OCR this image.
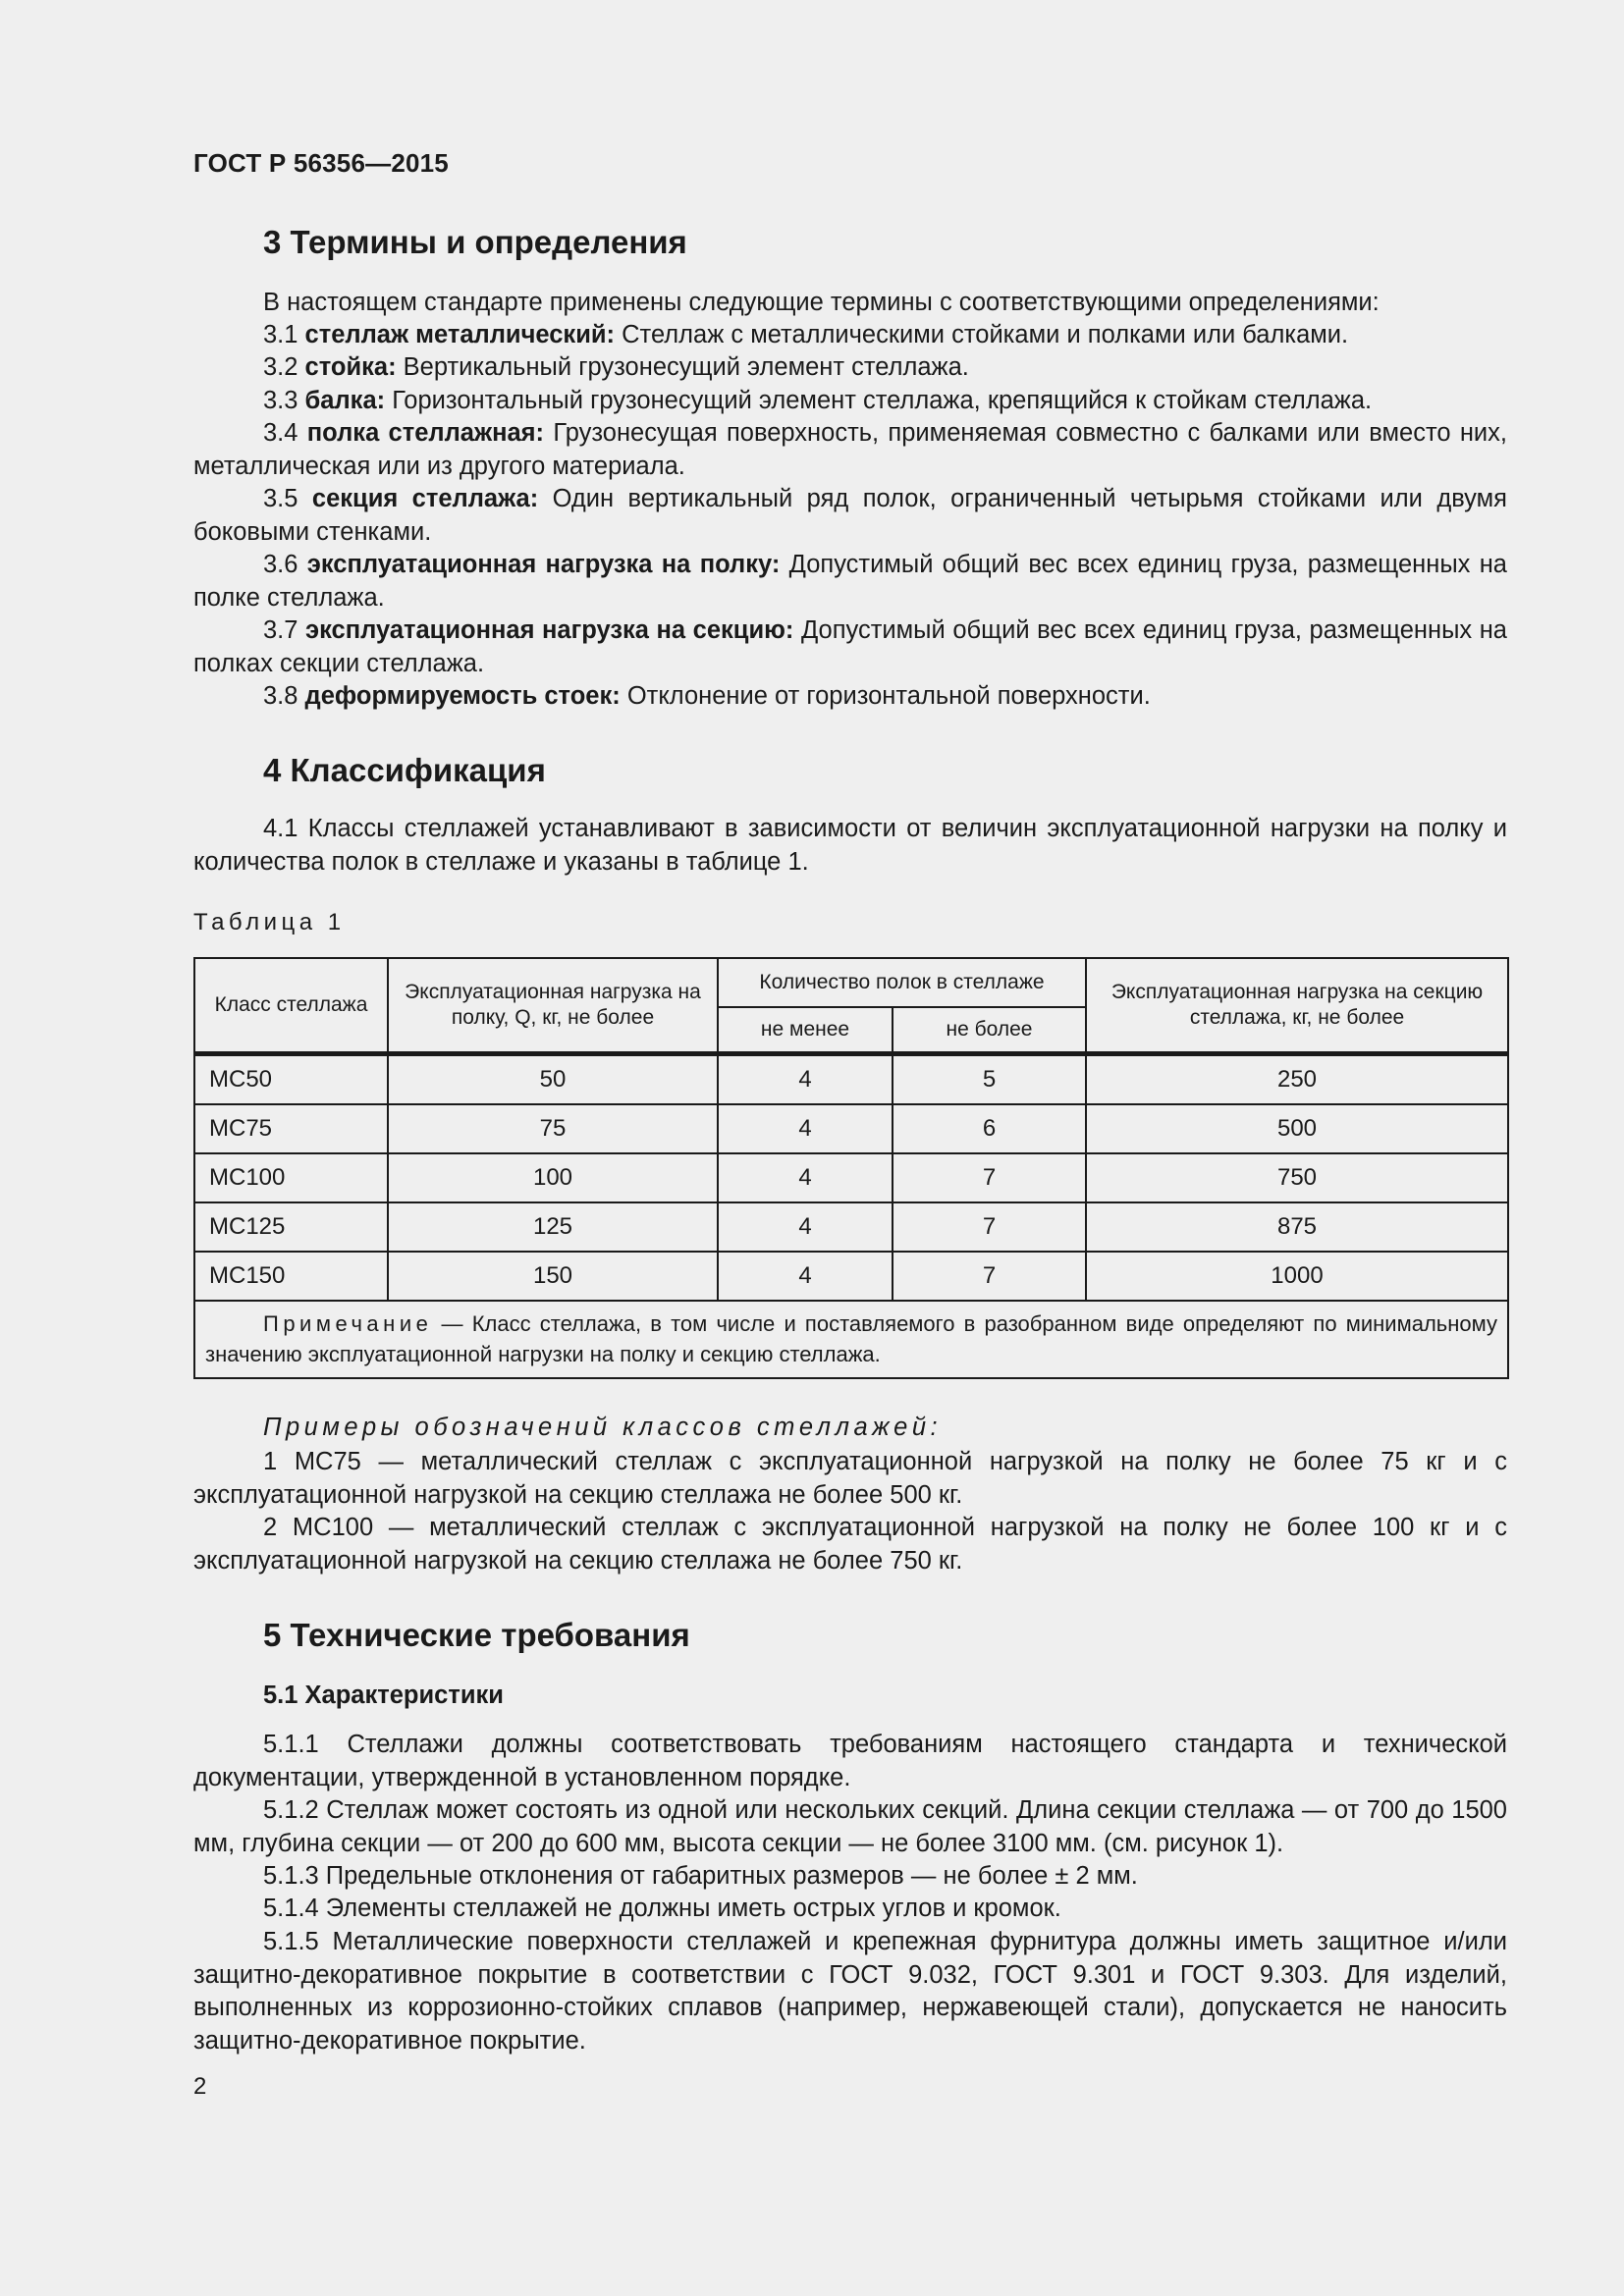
ГОСТ Р 56356—2015
3 Термины и определения
В настоящем стандарте применены следующие термины с соответствующими определениями:
3.1 стеллаж металлический: Стеллаж с металлическими стойками и полками или балками.
3.2 стойка: Вертикальный грузонесущий элемент стеллажа.
3.3 балка: Горизонтальный грузонесущий элемент стеллажа, крепящийся к стойкам стеллажа.
3.4 полка стеллажная: Грузонесущая поверхность, применяемая совместно с балками или вместо них, металлическая или из другого материала.
3.5 секция стеллажа: Один вертикальный ряд полок, ограниченный четырьмя стойками или двумя боковыми стенками.
3.6 эксплуатационная нагрузка на полку: Допустимый общий вес всех единиц груза, размещенных на полке стеллажа.
3.7 эксплуатационная нагрузка на секцию: Допустимый общий вес всех единиц груза, размещенных на полках секции стеллажа.
3.8 деформируемость стоек: Отклонение от горизонтальной поверхности.
4 Классификация
4.1 Классы стеллажей устанавливают в зависимости от величин эксплуатационной нагрузки на полку и количества полок в стеллаже и указаны в таблице 1.
Таблица 1
Класс стеллажа	Эксплуатационная нагрузка на полку, Q, кг, не более	Количество полок в стеллаже		Эксплуатационная нагрузка на секцию стеллажа, кг, не более
		не менее	не более	
МС50	50	4	5	250
МС75	75	4	6	500
МС100	100	4	7	750
МС125	125	4	7	875
МС150	150	4	7	1000
Примечание — Класс стеллажа, в том числе и поставляемого в разобранном виде определяют по минимальному значению эксплуатационной нагрузки на полку и секцию стеллажа.				
Примеры обозначений классов стеллажей:
1 МС75 — металлический стеллаж с эксплуатационной нагрузкой на полку не более 75 кг и с эксплуатационной нагрузкой на секцию стеллажа не более 500 кг.
2 МС100 — металлический стеллаж с эксплуатационной нагрузкой на полку не более 100 кг и с эксплуатационной нагрузкой на секцию стеллажа не более 750 кг.
5 Технические требования
5.1 Характеристики
5.1.1 Стеллажи должны соответствовать требованиям настоящего стандарта и технической документации, утвержденной в установленном порядке.
5.1.2 Стеллаж может состоять из одной или нескольких секций. Длина секции стеллажа — от 700 до 1500 мм, глубина секции — от 200 до 600 мм, высота секции — не более 3100 мм. (см. рисунок 1).
5.1.3 Предельные отклонения от габаритных размеров — не более ± 2 мм.
5.1.4 Элементы стеллажей не должны иметь острых углов и кромок.
5.1.5 Металлические поверхности стеллажей и крепежная фурнитура должны иметь защитное и/или защитно-декоративное покрытие в соответствии с ГОСТ 9.032, ГОСТ 9.301 и ГОСТ 9.303. Для изделий, выполненных из коррозионно-стойких сплавов (например, нержавеющей стали), допускается не наносить защитно-декоративное покрытие.
2
